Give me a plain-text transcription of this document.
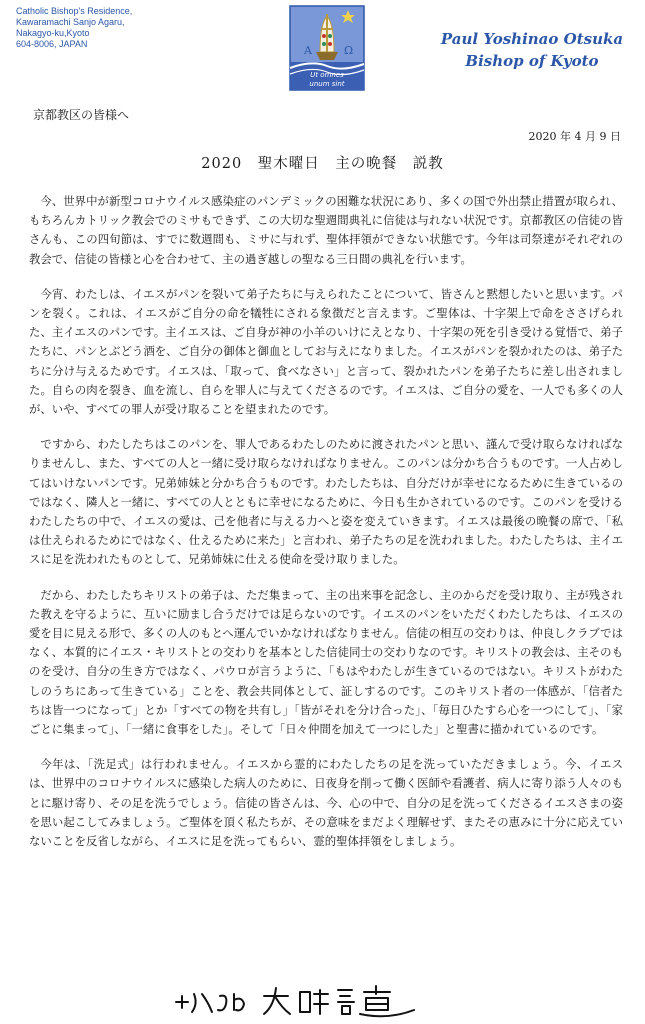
Catholic Bishop's Residence,
Kawaramachi Sanjo Agaru,
Nakagyo-ku,Kyoto
604-8006, JAPAN	Α	Ω
Ut omnes
unum sint
Paul Yoshinao Otsuka
Bishop of Kyoto
京都教区の皆様へ
2020 年 4 月 9 日
2020　聖木曜日　主の晩餐　説教

今、世界中が新型コロナウイルス感染症のパンデミックの困難な状況にあり、多くの国で外出禁止措置が取られ、もちろんカトリック教会でのミサもできず、この大切な聖週間典礼に信徒は与れない状況です。京都教区の信徒の皆さんも、この四旬節は、すでに数週間も、ミサに与れず、聖体拝領ができない状態です。今年は司祭達がそれぞれの教会で、信徒の皆様と心を合わせて、主の過ぎ越しの聖なる三日間の典礼を行います。

今宵、わたしは、イエスがパンを裂いて弟子たちに与えられたことについて、皆さんと黙想したいと思います。パンを裂く。これは、イエスがご自分の命を犠牲にされる象徴だと言えます。ご聖体は、十字架上で命をささげられた、主イエスのパンです。主イエスは、ご自身が神の小羊のいけにえとなり、十字架の死を引き受ける覚悟で、弟子たちに、パンとぶどう酒を、ご自分の御体と御血としてお与えになりました。イエスがパンを裂かれたのは、弟子たちに分け与えるためです。イエスは、「取って、食べなさい」と言って、裂かれたパンを弟子たちに差し出されました。自らの肉を裂き、血を流し、自らを罪人に与えてくださるのです。イエスは、ご自分の愛を、一人でも多くの人が、いや、すべての罪人が受け取ることを望まれたのです。

ですから、わたしたちはこのパンを、罪人であるわたしのために渡されたパンと思い、謹んで受け取らなければなりませんし、また、すべての人と一緒に受け取らなければなりません。このパンは分かち合うものです。一人占めしてはいけないパンです。兄弟姉妹と分かち合うものです。わたしたちは、自分だけが幸せになるために生きているのではなく、隣人と一緒に、すべての人とともに幸せになるために、今日も生かされているのです。このパンを受けるわたしたちの中で、イエスの愛は、己を他者に与える力へと姿を変えていきます。イエスは最後の晩餐の席で、「私は仕えられるためにではなく、仕えるために来た」と言われ、弟子たちの足を洗われました。わたしたちは、主イエスに足を洗われたものとして、兄弟姉妹に仕える使命を受け取りました。

だから、わたしたちキリストの弟子は、ただ集まって、主の出来事を記念し、主のからだを受け取り、主が残された教えを守るように、互いに励まし合うだけでは足らないのです。イエスのパンをいただくわたしたちは、イエスの愛を目に見える形で、多くの人のもとへ運んでいかなければなりません。信徒の相互の交わりは、仲良しクラブではなく、本質的にイエス・キリストとの交わりを基本とした信徒同士の交わりなのです。キリストの教会は、主そのものを受け、自分の生き方ではなく、パウロが言うように、「もはやわたしが生きているのではない。キリストがわたしのうちにあって生きている」ことを、教会共同体として、証しするのです。このキリスト者の一体感が、「信者たちは皆一つになって」とか「すべての物を共有し」「皆がそれを分け合った」、「毎日ひたすら心を一つにして」、「家ごとに集まって」、「一緒に食事をした」。そして「日々仲間を加えて一つにした」と聖書に描かれているのです。

今年は、「洗足式」は行われません。イエスから霊的にわたしたちの足を洗っていただきましょう。今、イエスは、世界中のコロナウイルスに感染した病人のために、日夜身を削って働く医師や看護者、病人に寄り添う人々のもとに駆け寄り、その足を洗うでしょう。信徒の皆さんは、今、心の中で、自分の足を洗ってくださるイエスさまの姿を思い起こしてみましょう。ご聖体を頂く私たちが、その意味をまだよく理解せず、またその恵みに十分に応えていないことを反省しながら、イエスに足を洗ってもらい、霊的聖体拝領をしましょう。
